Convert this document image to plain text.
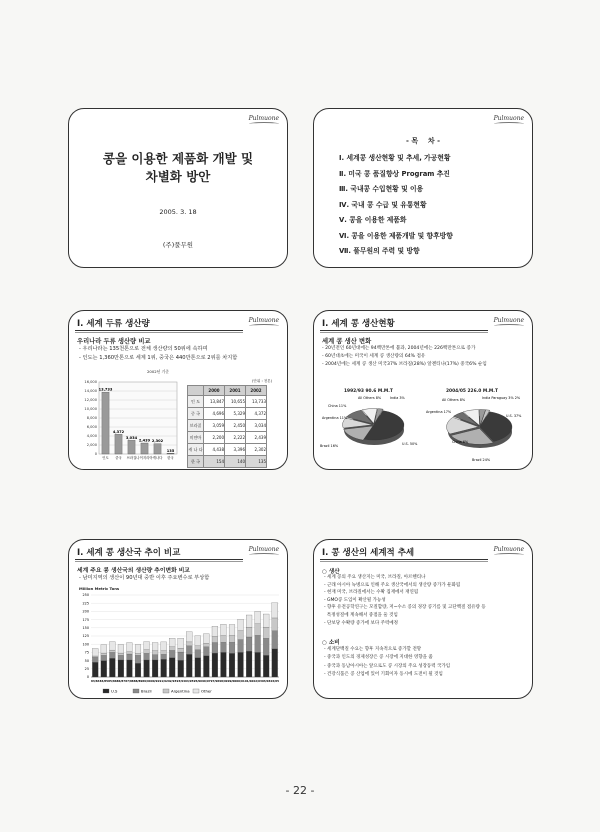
Pulmuone
콩을 이용한 제품화 개발 및
차별화 방안
2005. 3. 18
(주)풀무원
Pulmuone
- 목    차 -
Ⅰ. 세계콩 생산현황 및 추세, 가공현황
Ⅱ. 미국 콩 품질향상 Program 추진
Ⅲ. 국내콩 수입현황 및 이용
Ⅳ. 국내 콩 수급 및 유통현황
Ⅴ. 콩을 이용한 제품화
Ⅵ. 콩을 이용한 제품개발 및 향후방향
Ⅶ. 풀무원의 주력 및 방향
Ⅰ. 세계 두류 생산량	Pulmuone
우리나라 두류 생산량 비교
- 우리나라는 135천톤으로 전체 생산량의 50위에 속하며
- 인도는 1,360만톤으로 세계 1위, 중국은 440만톤으로 2위를 차지함
2002년 기준
16,000
14,000
12,000
10,000
8,000
6,000
4,000
2,000
0
13,733
인도
4,372
중국
3,034
브라질
2,439
나이지리아
2,302
캐나다
135
한국
(단위 : 천톤)
	2000	2001	2002
인 도	13,847	10,655	13,733
중 국	4,696	5,329	4,372
브라질	3,059	2,450	3,034
미얀마	2,200	2,222	2,439
캐 나 다	4,438	3,396	2,302
한 국	154	140	135
Ⅰ. 세계 콩 생산현황	Pulmuone
세계 콩 생산 변화
- 20년전인 60년대에는 94백만톤에 불과, 2004년에는 226백만톤으로 증가
- 60년대초에는 미국이 세계 콩 생산량의 64% 점유
- 2004년에는 세계 콩 생산 미국37% 브라질(28%) 알젠티나(17%) 중국6% 순임
1992/93 90.6 M.M.T	2004/05 226.0 M.M.T
All Others 8%
China 11%
Argentina 11%
Brazil 16%	U.S. 50%
India 3%	All Others 8%	India Paraguay 3% 2%
Argentina 17%
China 6%
Brazil 24%
U.S. 37%
Ⅰ. 세계 콩 생산국 추이 비교	Pulmuone
세계 주요 콩 생산국의 생산량 추이변화 비교
- 남미지역의 생산이 90년대 중반 이후 주요변수로 부상함
Million Metric Tons
250
225
200
175
150
125
100
75
50
25
0
83/84 84/85 85/86 86/87 87/88 88/89 89/90 90/91 91/92 92/93 93/94 94/95 95/96 96/97 97/98 98/99 99/00 00/01 01/02 02/03 03/04 04/05
U.S	Brazil	Argentina	Other
Ⅰ. 콩 생산의 세계적 추세	Pulmuone
○ 생산
- 세계 콩의 주요 생산지는 미국, 브라질, 아르헨티나
- 근래 아시아 녹병으로 인해 주요 생산국에서의 생산량 증가가 둔화됨
- 현재 미국, 브라질에서는 수확 집재에서 재연됨
- GMO콩 도입이 확산될 가능성
- 향후 유전공학연구는 모질합량, 저~수소 콩의 경장 콩기름 및 고단백질 점유량 등
특정성질에 계속해서 중점을 둘 것임
- 단보당 수확량 증가에 보다 주력예정
○ 소비
- 세계단백질 수요는 향후 지속적으로 증가할 전망
- 중국과 인도의 경제성장은 콩 시장에 지대한 영향을 줌
- 중국과 동남아시아는 앞으로도 콩 시장의 주요 성장동력 국가임
- 건강식품은 콩 산업에 있어 기회이자 동시에 도전이 될 것임
- 22 -
